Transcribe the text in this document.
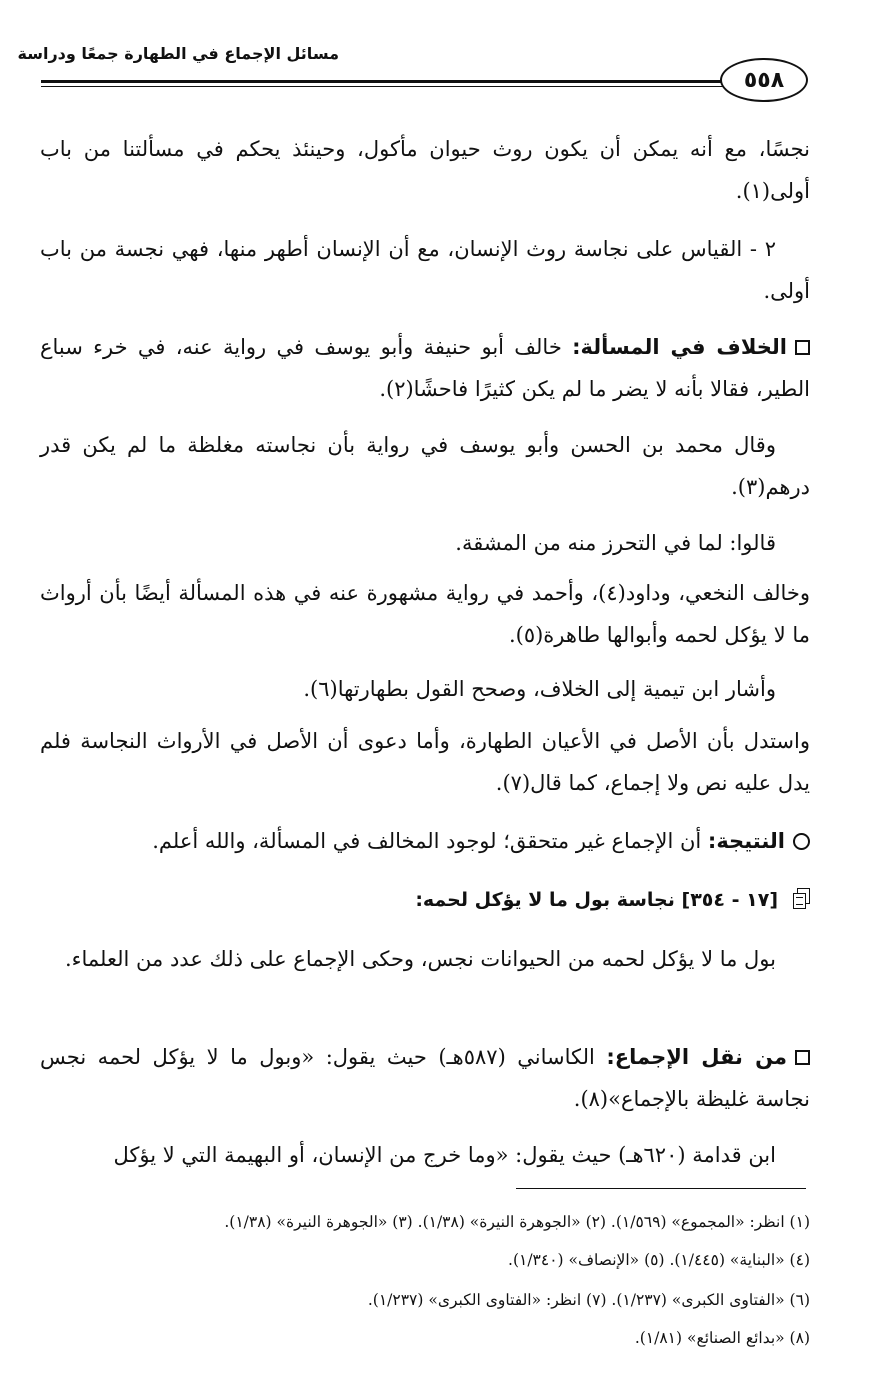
مسائل الإجماع في الطهارة جمعًا ودراسة
٥٥٨
نجسًا، مع أنه يمكن أن يكون روث حيوان مأكول، وحينئذ يحكم في مسألتنا من باب أولى(١).
٢ - القياس على نجاسة روث الإنسان، مع أن الإنسان أطهر منها، فهي نجسة من باب أولى.
الخلاف في المسألة: خالف أبو حنيفة وأبو يوسف في رواية عنه، في خرء سباع الطير، فقالا بأنه لا يضر ما لم يكن كثيرًا فاحشًا(٢).
وقال محمد بن الحسن وأبو يوسف في رواية بأن نجاسته مغلظة ما لم يكن قدر درهم(٣).
قالوا: لما في التحرز منه من المشقة.
وخالف النخعي، وداود(٤)، وأحمد في رواية مشهورة عنه في هذه المسألة أيضًا بأن أرواث ما لا يؤكل لحمه وأبوالها طاهرة(٥).
وأشار ابن تيمية إلى الخلاف، وصحح القول بطهارتها(٦).
واستدل بأن الأصل في الأعيان الطهارة، وأما دعوى أن الأصل في الأرواث النجاسة فلم يدل عليه نص ولا إجماع، كما قال(٧).
النتيجة: أن الإجماع غير متحقق؛ لوجود المخالف في المسألة، والله أعلم.
[١٧ - ٣٥٤] نجاسة بول ما لا يؤكل لحمه:
بول ما لا يؤكل لحمه من الحيوانات نجس، وحكى الإجماع على ذلك عدد من العلماء.
من نقل الإجماع: الكاساني (٥٨٧هـ) حيث يقول: «وبول ما لا يؤكل لحمه نجس نجاسة غليظة بالإجماع»(٨).
ابن قدامة (٦٢٠هـ) حيث يقول: «وما خرج من الإنسان، أو البهيمة التي لا يؤكل
(١) انظر: «المجموع» (١/٥٦٩). (٢) «الجوهرة النيرة» (١/٣٨). (٣) «الجوهرة النيرة» (١/٣٨).
(٤) «البناية» (١/٤٤٥). (٥) «الإنصاف» (١/٣٤٠).
(٦) «الفتاوى الكبرى» (١/٢٣٧). (٧) انظر: «الفتاوى الكبرى» (١/٢٣٧).
(٨) «بدائع الصنائع» (١/٨١).
